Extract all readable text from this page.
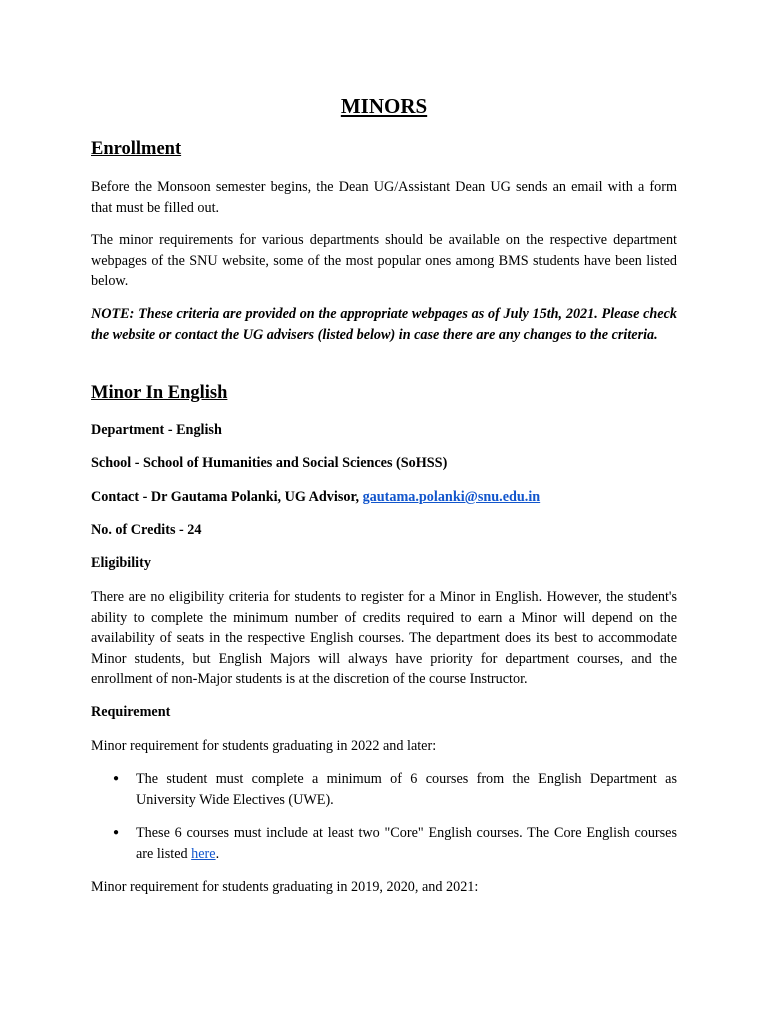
MINORS
Enrollment

Before the Monsoon semester begins, the Dean UG/Assistant Dean UG sends an email with a form that must be filled out.

The minor requirements for various departments should be available on the respective department webpages of the SNU website, some of the most popular ones among BMS students have been listed below.

NOTE: These criteria are provided on the appropriate webpages as of July 15th, 2021. Please check the website or contact the UG advisers (listed below) in case there are any changes to the criteria.

Minor In English

Department - English

School - School of Humanities and Social Sciences (SoHSS)

Contact - Dr Gautama Polanki, UG Advisor, gautama.polanki@snu.edu.in

No. of Credits - 24

Eligibility

There are no eligibility criteria for students to register for a Minor in English. However, the student's ability to complete the minimum number of credits required to earn a Minor will depend on the availability of seats in the respective English courses. The department does its best to accommodate Minor students, but English Majors will always have priority for department courses, and the enrollment of non-Major students is at the discretion of the course Instructor.

Requirement

Minor requirement for students graduating in 2022 and later:

● The student must complete a minimum of 6 courses from the English Department as University Wide Electives (UWE).
● These 6 courses must include at least two "Core" English courses. The Core English courses are listed here.

Minor requirement for students graduating in 2019, 2020, and 2021:
